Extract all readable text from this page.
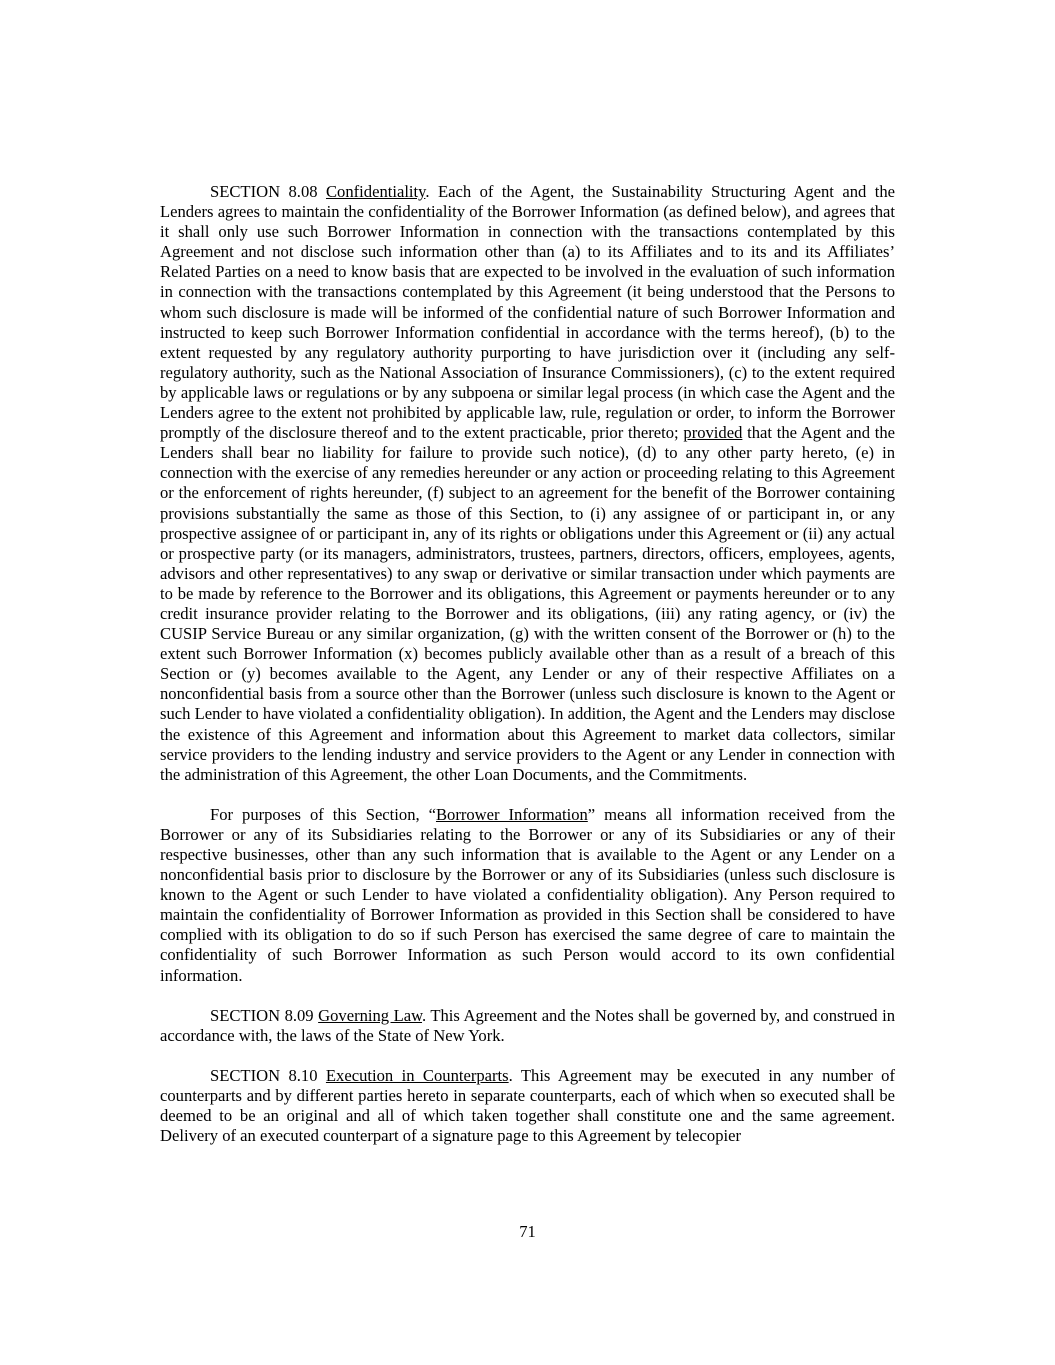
SECTION 8.08 Confidentiality. Each of the Agent, the Sustainability Structuring Agent and the Lenders agrees to maintain the confidentiality of the Borrower Information (as defined below), and agrees that it shall only use such Borrower Information in connection with the transactions contemplated by this Agreement and not disclose such information other than (a) to its Affiliates and to its and its Affiliates’ Related Parties on a need to know basis that are expected to be involved in the evaluation of such information in connection with the transactions contemplated by this Agreement (it being understood that the Persons to whom such disclosure is made will be informed of the confidential nature of such Borrower Information and instructed to keep such Borrower Information confidential in accordance with the terms hereof), (b) to the extent requested by any regulatory authority purporting to have jurisdiction over it (including any self-regulatory authority, such as the National Association of Insurance Commissioners), (c) to the extent required by applicable laws or regulations or by any subpoena or similar legal process (in which case the Agent and the Lenders agree to the extent not prohibited by applicable law, rule, regulation or order, to inform the Borrower promptly of the disclosure thereof and to the extent practicable, prior thereto; provided that the Agent and the Lenders shall bear no liability for failure to provide such notice), (d) to any other party hereto, (e) in connection with the exercise of any remedies hereunder or any action or proceeding relating to this Agreement or the enforcement of rights hereunder, (f) subject to an agreement for the benefit of the Borrower containing provisions substantially the same as those of this Section, to (i) any assignee of or participant in, or any prospective assignee of or participant in, any of its rights or obligations under this Agreement or (ii) any actual or prospective party (or its managers, administrators, trustees, partners, directors, officers, employees, agents, advisors and other representatives) to any swap or derivative or similar transaction under which payments are to be made by reference to the Borrower and its obligations, this Agreement or payments hereunder or to any credit insurance provider relating to the Borrower and its obligations, (iii) any rating agency, or (iv) the CUSIP Service Bureau or any similar organization, (g) with the written consent of the Borrower or (h) to the extent such Borrower Information (x) becomes publicly available other than as a result of a breach of this Section or (y) becomes available to the Agent, any Lender or any of their respective Affiliates on a nonconfidential basis from a source other than the Borrower (unless such disclosure is known to the Agent or such Lender to have violated a confidentiality obligation). In addition, the Agent and the Lenders may disclose the existence of this Agreement and information about this Agreement to market data collectors, similar service providers to the lending industry and service providers to the Agent or any Lender in connection with the administration of this Agreement, the other Loan Documents, and the Commitments.

For purposes of this Section, “Borrower Information” means all information received from the Borrower or any of its Subsidiaries relating to the Borrower or any of its Subsidiaries or any of their respective businesses, other than any such information that is available to the Agent or any Lender on a nonconfidential basis prior to disclosure by the Borrower or any of its Subsidiaries (unless such disclosure is known to the Agent or such Lender to have violated a confidentiality obligation). Any Person required to maintain the confidentiality of Borrower Information as provided in this Section shall be considered to have complied with its obligation to do so if such Person has exercised the same degree of care to maintain the confidentiality of such Borrower Information as such Person would accord to its own confidential information.

SECTION 8.09 Governing Law. This Agreement and the Notes shall be governed by, and construed in accordance with, the laws of the State of New York.

SECTION 8.10 Execution in Counterparts. This Agreement may be executed in any number of counterparts and by different parties hereto in separate counterparts, each of which when so executed shall be deemed to be an original and all of which taken together shall constitute one and the same agreement. Delivery of an executed counterpart of a signature page to this Agreement by telecopier

71
